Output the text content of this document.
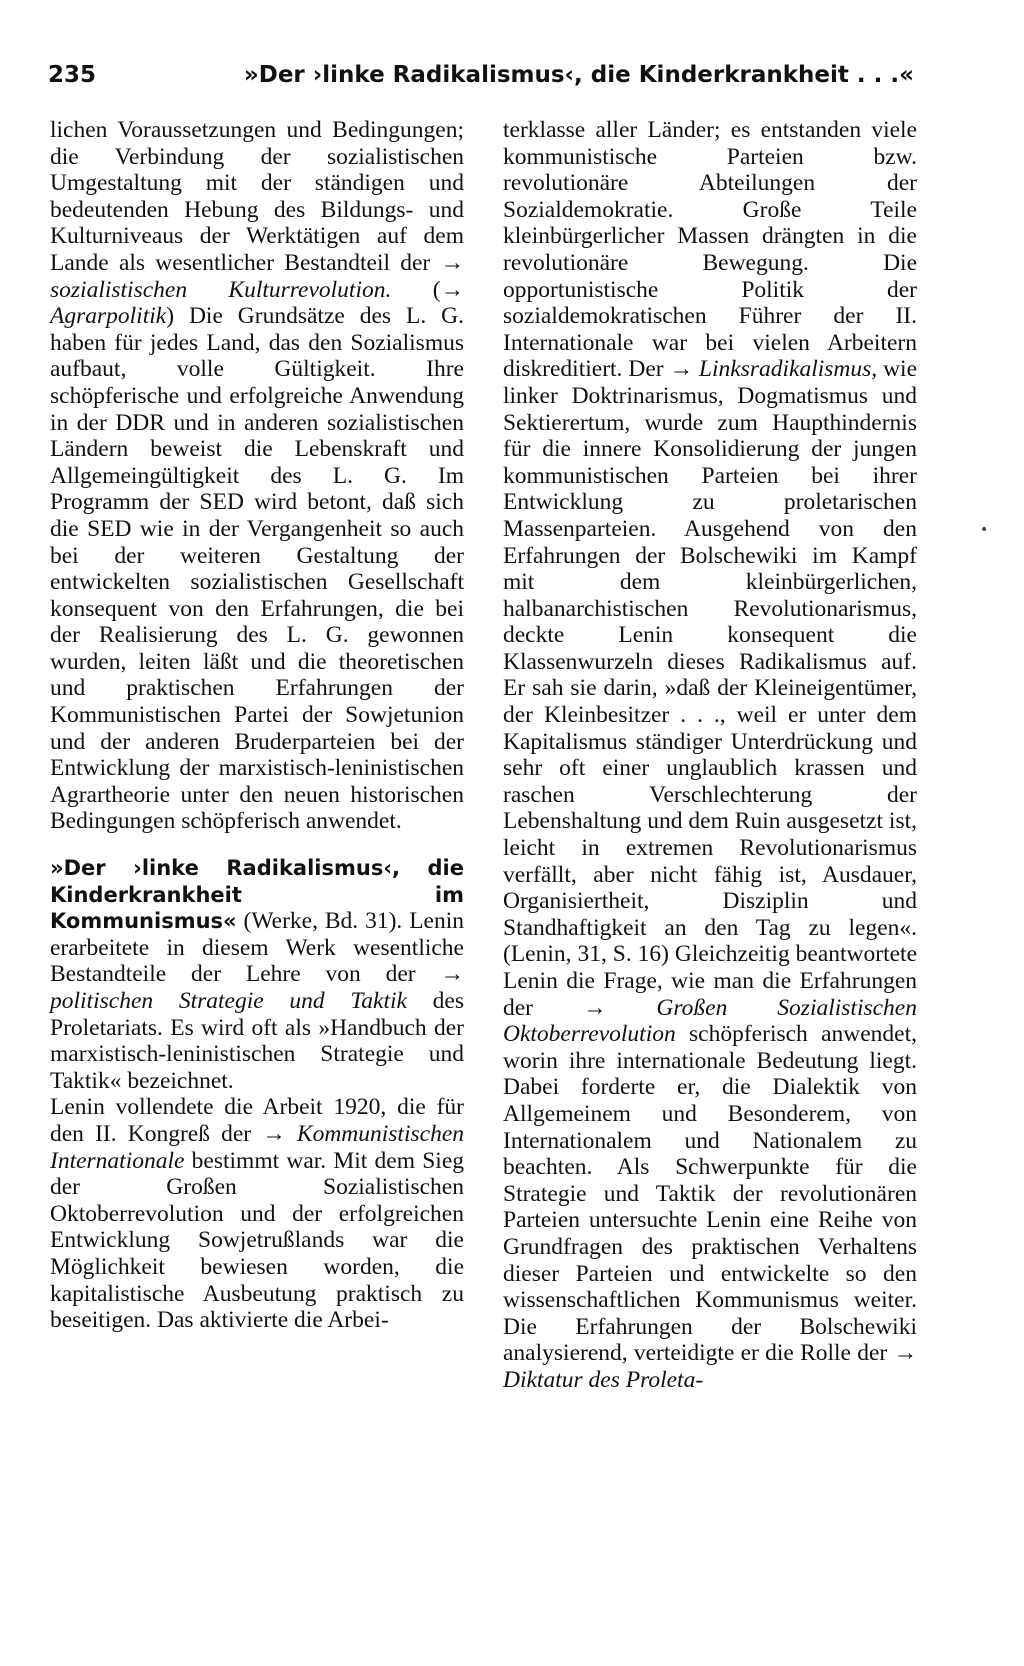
235	»Der ›linke Radikalismus‹, die Kinderkrankheit . . .«

lichen Voraussetzungen und Bedingungen; die Verbindung der sozialistischen Umgestaltung mit der ständigen und bedeutenden Hebung des Bildungs- und Kulturniveaus der Werktätigen auf dem Lande als wesentlicher Bestandteil der → sozialistischen Kulturrevolution. (→ Agrarpolitik) Die Grundsätze des L. G. haben für jedes Land, das den Sozialismus aufbaut, volle Gültigkeit. Ihre schöpferische und erfolgreiche Anwendung in der DDR und in anderen sozialistischen Ländern beweist die Lebenskraft und Allgemeingültigkeit des L. G. Im Programm der SED wird betont, daß sich die SED wie in der Vergangenheit so auch bei der weiteren Gestaltung der entwickelten sozialistischen Gesellschaft konsequent von den Erfahrungen, die bei der Realisierung des L. G. gewonnen wurden, leiten läßt und die theoretischen und praktischen Erfahrungen der Kommunistischen Partei der Sowjetunion und der anderen Bruderparteien bei der Entwicklung der marxistisch-leninistischen Agrartheorie unter den neuen historischen Bedingungen schöpferisch anwendet.

»Der ›linke Radikalismus‹, die Kinderkrankheit im Kommunismus« (Werke, Bd. 31). Lenin erarbeitete in diesem Werk wesentliche Bestandteile der Lehre von der → politischen Strategie und Taktik des Proletariats. Es wird oft als »Handbuch der marxistisch-leninistischen Strategie und Taktik« bezeichnet.

Lenin vollendete die Arbeit 1920, die für den II. Kongreß der → Kommunistischen Internationale bestimmt war. Mit dem Sieg der Großen Sozialistischen Oktoberrevolution und der erfolgreichen Entwicklung Sowjetrußlands war die Möglichkeit bewiesen worden, die kapitalistische Ausbeutung praktisch zu beseitigen. Das aktivierte die Arbei-

terklasse aller Länder; es entstanden viele kommunistische Parteien bzw. revolutionäre Abteilungen der Sozialdemokratie. Große Teile kleinbürgerlicher Massen drängten in die revolutionäre Bewegung. Die opportunistische Politik der sozialdemokratischen Führer der II. Internationale war bei vielen Arbeitern diskreditiert. Der → Linksradikalismus, wie linker Doktrinarismus, Dogmatismus und Sektierertum, wurde zum Haupthindernis für die innere Konsolidierung der jungen kommunistischen Parteien bei ihrer Entwicklung zu proletarischen Massenparteien. Ausgehend von den Erfahrungen der Bolschewiki im Kampf mit dem kleinbürgerlichen, halbanarchistischen Revolutionarismus, deckte Lenin konsequent die Klassenwurzeln dieses Radikalismus auf. Er sah sie darin, »daß der Kleineigentümer, der Kleinbesitzer . . ., weil er unter dem Kapitalismus ständiger Unterdrückung und sehr oft einer unglaublich krassen und raschen Verschlechterung der Lebenshaltung und dem Ruin ausgesetzt ist, leicht in extremen Revolutionarismus verfällt, aber nicht fähig ist, Ausdauer, Organisiertheit, Disziplin und Standhaftigkeit an den Tag zu legen«. (Lenin, 31, S. 16) Gleichzeitig beantwortete Lenin die Frage, wie man die Erfahrungen der → Großen Sozialistischen Oktoberrevolution schöpferisch anwendet, worin ihre internationale Bedeutung liegt. Dabei forderte er, die Dialektik von Allgemeinem und Besonderem, von Internationalem und Nationalem zu beachten. Als Schwerpunkte für die Strategie und Taktik der revolutionären Parteien untersuchte Lenin eine Reihe von Grundfragen des praktischen Verhaltens dieser Parteien und entwickelte so den wissenschaftlichen Kommunismus weiter. Die Erfahrungen der Bolschewiki analysierend, verteidigte er die Rolle der → Diktatur des Proleta-

•
